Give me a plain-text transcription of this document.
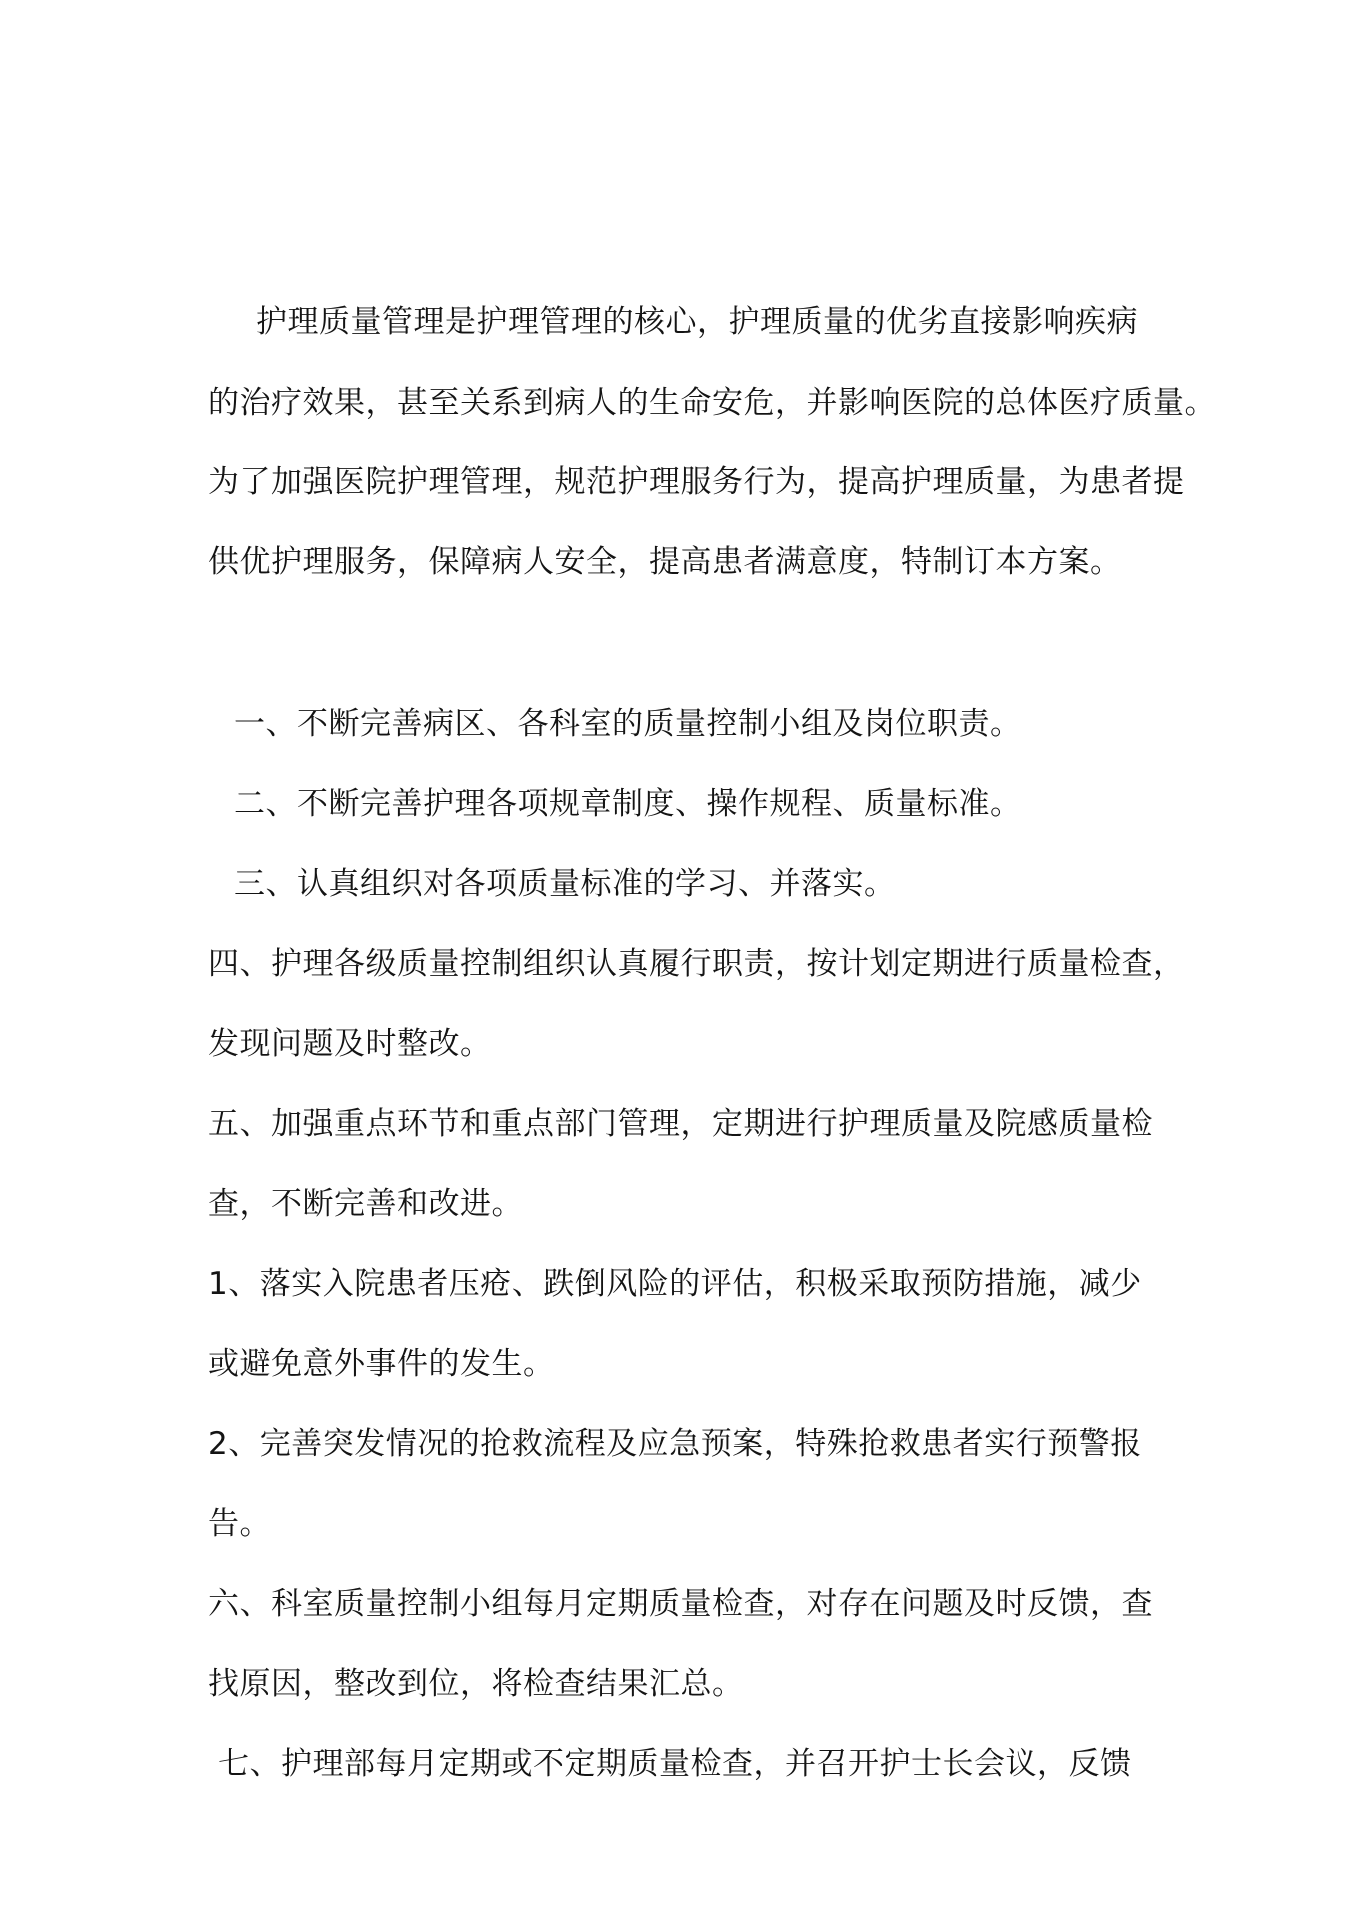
护理质量管理是护理管理的核心，护理质量的优劣直接影响疾病
的治疗效果，甚至关系到病人的生命安危，并影响医院的总体医疗质量。
为了加强医院护理管理，规范护理服务行为，提高护理质量，为患者提
供优护理服务，保障病人安全，提高患者满意度，特制订本方案。
一、不断完善病区、各科室的质量控制小组及岗位职责。
二、不断完善护理各项规章制度、操作规程、质量标准。
三、认真组织对各项质量标准的学习、并落实。
四、护理各级质量控制组织认真履行职责，按计划定期进行质量检查，
发现问题及时整改。
五、加强重点环节和重点部门管理，定期进行护理质量及院感质量检
查，不断完善和改进。
1、落实入院患者压疮、跌倒风险的评估，积极采取预防措施，减少
或避免意外事件的发生。
2、完善突发情况的抢救流程及应急预案，特殊抢救患者实行预警报
告。
六、科室质量控制小组每月定期质量检查，对存在问题及时反馈，查
找原因，整改到位，将检查结果汇总。
七、护理部每月定期或不定期质量检查，并召开护士长会议，反馈
